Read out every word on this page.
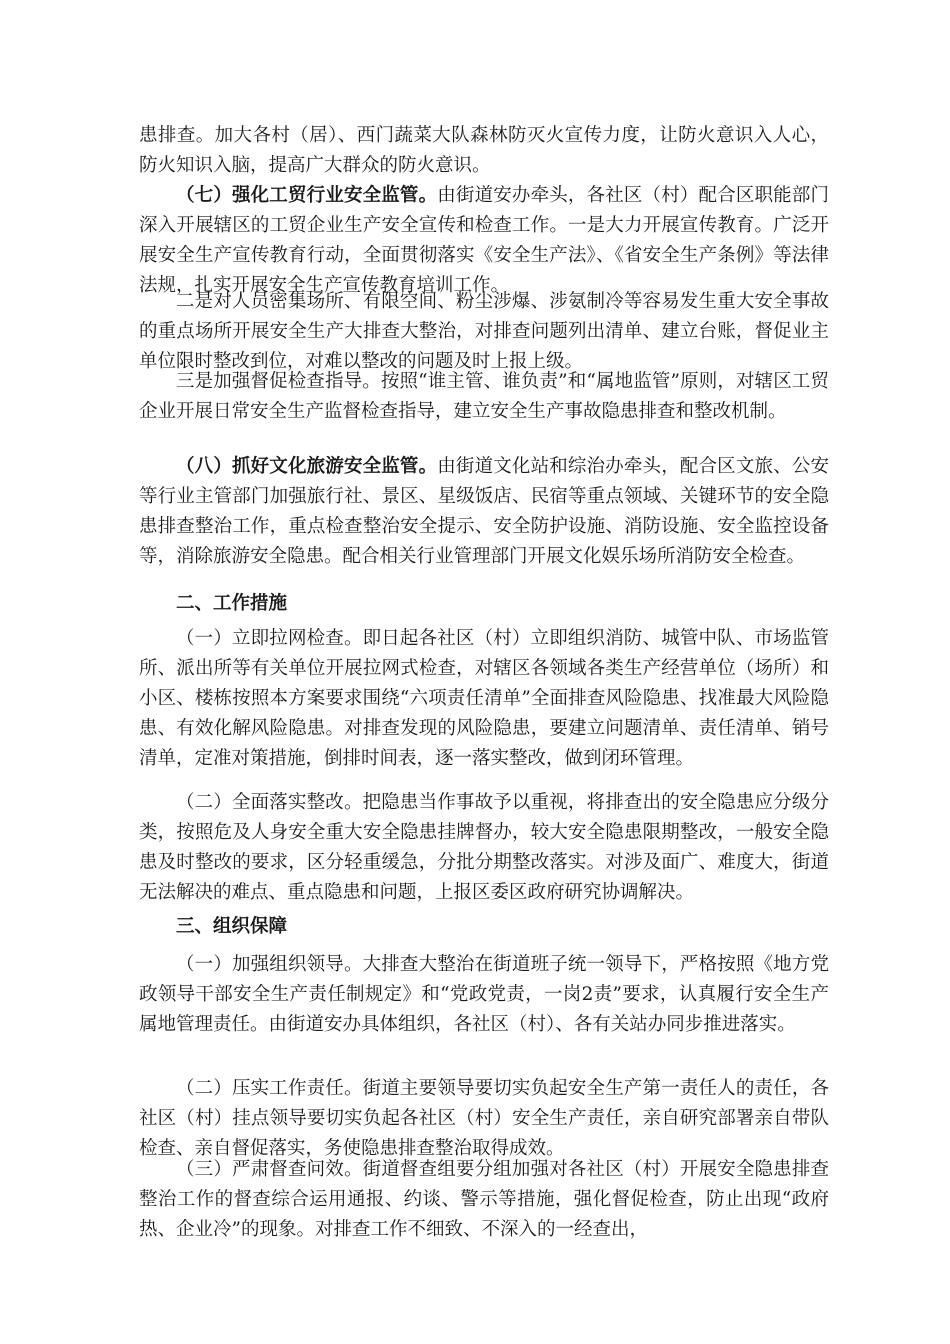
患排查。加大各村（居）、西门蔬菜大队森林防灭火宣传力度，让防火意识入人心，防火知识入脑，提高广大群众的防火意识。

（七）强化工贸行业安全监管。由街道安办牵头，各社区（村）配合区职能部门深入开展辖区的工贸企业生产安全宣传和检查工作。一是大力开展宣传教育。广泛开展安全生产宣传教育行动，全面贯彻落实《安全生产法》、《省安全生产条例》等法律法规，扎实开展安全生产宣传教育培训工作。

二是对人员密集场所、有限空间、粉尘涉爆、涉氨制冷等容易发生重大安全事故的重点场所开展安全生产大排查大整治，对排查问题列出清单、建立台账，督促业主单位限时整改到位，对难以整改的问题及时上报上级。

三是加强督促检查指导。按照“谁主管、谁负责”和“属地监管”原则，对辖区工贸企业开展日常安全生产监督检查指导，建立安全生产事故隐患排查和整改机制。

（八）抓好文化旅游安全监管。由街道文化站和综治办牵头，配合区文旅、公安等行业主管部门加强旅行社、景区、星级饭店、民宿等重点领域、关键环节的安全隐患排查整治工作，重点检查整治安全提示、安全防护设施、消防设施、安全监控设备等，消除旅游安全隐患。配合相关行业管理部门开展文化娱乐场所消防安全检查。

二、工作措施

（一）立即拉网检查。即日起各社区（村）立即组织消防、城管中队、市场监管所、派出所等有关单位开展拉网式检查，对辖区各领域各类生产经营单位（场所）和小区、楼栋按照本方案要求围绕“六项责任清单”全面排查风险隐患、找准最大风险隐患、有效化解风险隐患。对排查发现的风险隐患，要建立问题清单、责任清单、销号清单，定准对策措施，倒排时间表，逐一落实整改，做到闭环管理。

（二）全面落实整改。把隐患当作事故予以重视，将排查出的安全隐患应分级分类，按照危及人身安全重大安全隐患挂牌督办，较大安全隐患限期整改，一般安全隐患及时整改的要求，区分轻重缓急，分批分期整改落实。对涉及面广、难度大，街道无法解决的难点、重点隐患和问题，上报区委区政府研究协调解决。

三、组织保障

（一）加强组织领导。大排查大整治在街道班子统一领导下，严格按照《地方党政领导干部安全生产责任制规定》和“党政党责，一岗2责”要求，认真履行安全生产属地管理责任。由街道安办具体组织，各社区（村）、各有关站办同步推进落实。

（二）压实工作责任。街道主要领导要切实负起安全生产第一责任人的责任，各社区（村）挂点领导要切实负起各社区（村）安全生产责任，亲自研究部署亲自带队检查、亲自督促落实，务使隐患排查整治取得成效。

（三）严肃督查问效。街道督查组要分组加强对各社区（村）开展安全隐患排查整治工作的督查综合运用通报、约谈、警示等措施，强化督促检查，防止出现“政府热、企业冷”的现象。对排查工作不细致、不深入的一经查出，
